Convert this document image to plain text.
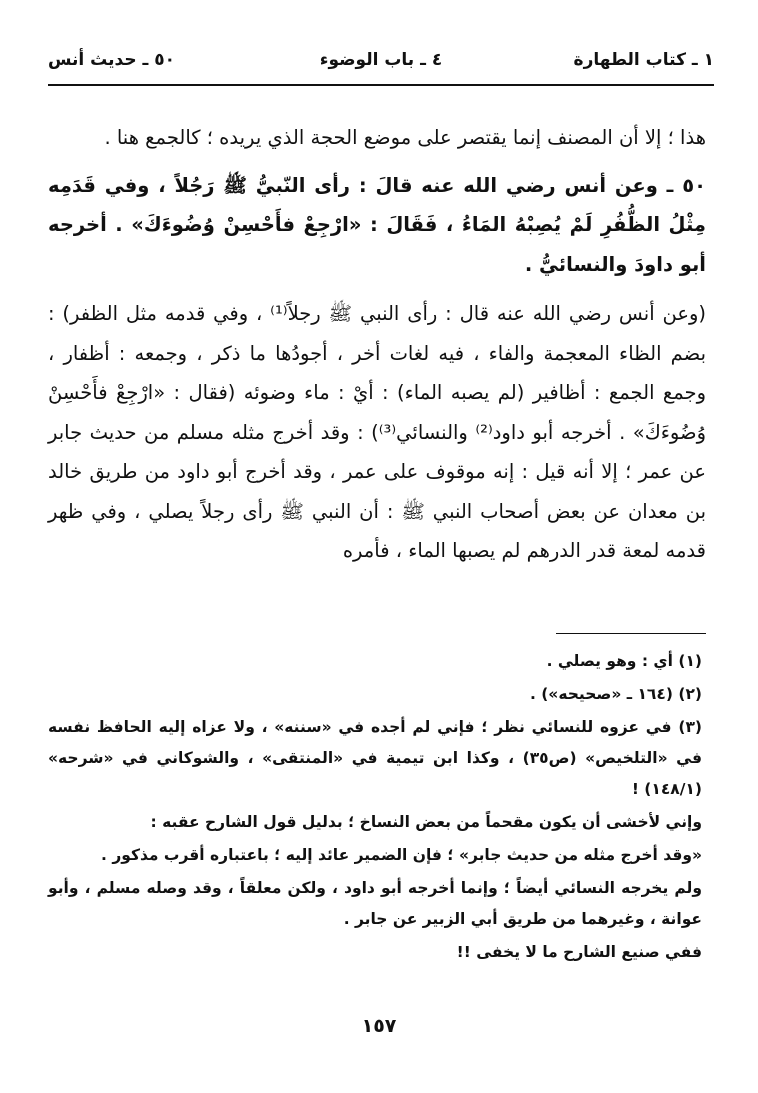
١ ـ كتاب الطهارة
٤ ـ باب الوضوء
٥٠ ـ حديث أنس

هذا ؛ إلا أن المصنف إنما يقتصر على موضع الحجة الذي يريده ؛ كالجمع هنا .

٥٠ ـ وعن أنس رضي الله عنه قالَ : رأى النّبيُّ ﷺ رَجُلاً ، وفي قَدَمِه مِثْلُ الظُّفُرِ لَمْ يُصِبْهُ المَاءُ ، فَقَالَ : «ارْجِعْ فأَحْسِنْ وُضُوءَكَ» . أخرجه أبو داودَ والنسائيُّ .

(وعن أنس رضي الله عنه قال : رأى النبي ﷺ رجلاً⁽¹⁾ ، وفي قدمه مثل الظفر) : بضم الظاء المعجمة والفاء ، فيه لغات أخر ، أجودُها ما ذكر ، وجمعه : أظفار ، وجمع الجمع : أظافير (لم يصبه الماء) : أيْ : ماء وضوئه (فقال : «ارْجِعْ فأَحْسِنْ وُضُوءَكَ» . أخرجه أبو داود⁽²⁾ والنسائي⁽³⁾) : وقد أخرج مثله مسلم من حديث جابر عن عمر ؛ إلا أنه قيل : إنه موقوف على عمر ، وقد أخرج أبو داود من طريق خالد بن معدان عن بعض أصحاب النبي ﷺ : أن النبي ﷺ رأى رجلاً يصلي ، وفي ظهر قدمه لمعة قدر الدرهم لم يصبها الماء ، فأمره

(١) أي : وهو يصلي .

(٢) (١٦٤ ـ «صحيحه») .

(٣) في عزوه للنسائي نظر ؛ فإني لم أجده في «سننه» ، ولا عزاه إليه الحافظ نفسه في «التلخيص» (ص٣٥) ، وكذا ابن تيمية في «المنتقى» ، والشوكاني في «شرحه» (١٤٨/١) !

وإني لأخشى أن يكون مقحماً من بعض النساخ ؛ بدليل قول الشارح عقبه :

«وقد أخرج مثله من حديث جابر» ؛ فإن الضمير عائد إليه ؛ باعتباره أقرب مذكور .

ولم يخرجه النسائي أيضاً ؛ وإنما أخرجه أبو داود ، ولكن معلقاً ، وقد وصله مسلم ، وأبو عوانة ، وغيرهما من طريق أبي الزبير عن جابر .

ففي صنيع الشارح ما لا يخفى !!

١٥٧
